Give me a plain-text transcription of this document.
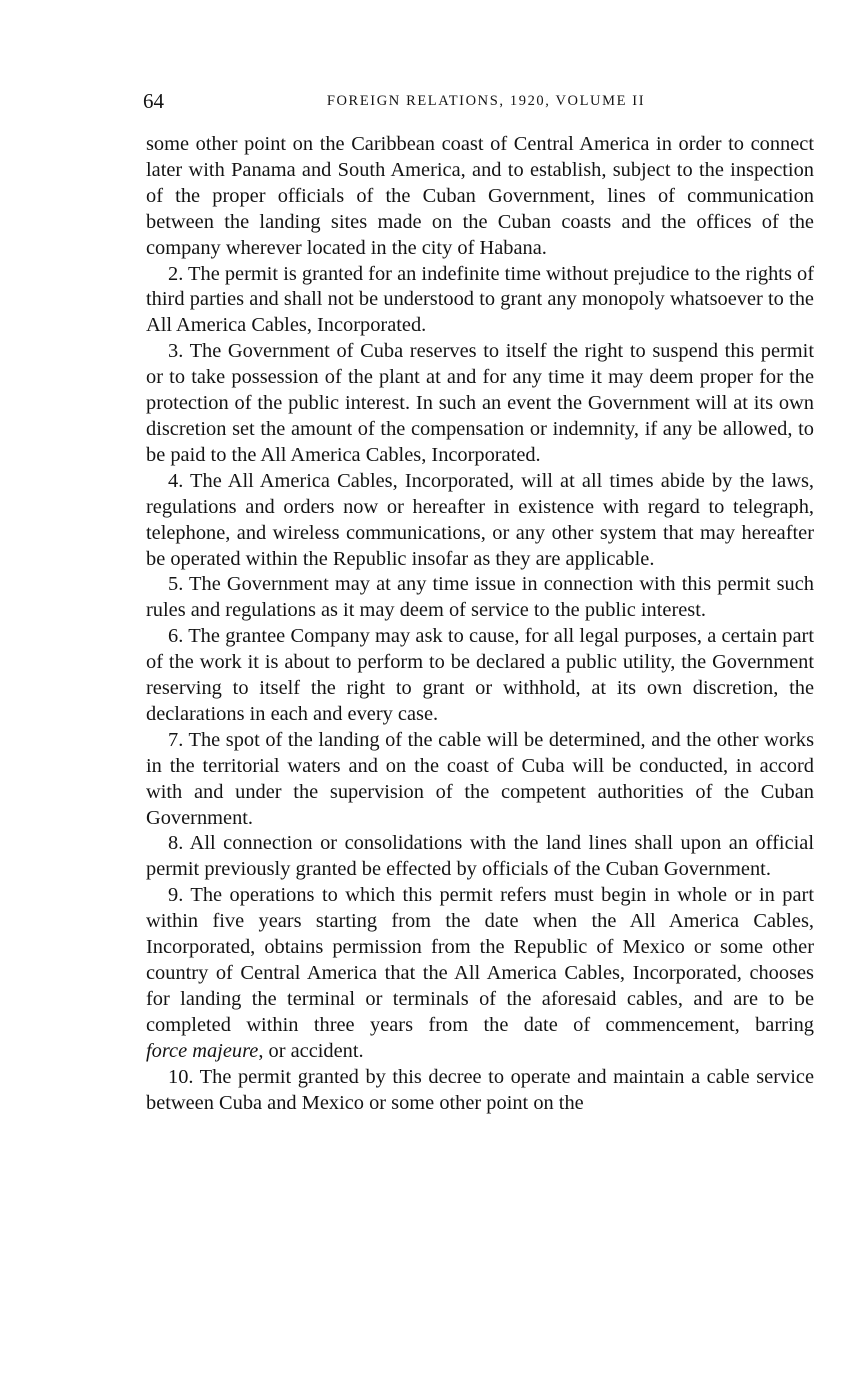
64	FOREIGN RELATIONS, 1920, VOLUME II

some other point on the Caribbean coast of Central America in order to connect later with Panama and South America, and to establish, subject to the inspection of the proper officials of the Cuban Government, lines of communication between the landing sites made on the Cuban coasts and the offices of the company wherever located in the city of Habana.

2. The permit is granted for an indefinite time without prejudice to the rights of third parties and shall not be understood to grant any monopoly whatsoever to the All America Cables, Incorporated.

3. The Government of Cuba reserves to itself the right to suspend this permit or to take possession of the plant at and for any time it may deem proper for the protection of the public interest. In such an event the Government will at its own discretion set the amount of the compensation or indemnity, if any be allowed, to be paid to the All America Cables, Incorporated.

4. The All America Cables, Incorporated, will at all times abide by the laws, regulations and orders now or hereafter in existence with regard to telegraph, telephone, and wireless communications, or any other system that may hereafter be operated within the Republic insofar as they are applicable.

5. The Government may at any time issue in connection with this permit such rules and regulations as it may deem of service to the public interest.

6. The grantee Company may ask to cause, for all legal purposes, a certain part of the work it is about to perform to be declared a public utility, the Government reserving to itself the right to grant or withhold, at its own discretion, the declarations in each and every case.

7. The spot of the landing of the cable will be determined, and the other works in the territorial waters and on the coast of Cuba will be conducted, in accord with and under the supervision of the competent authorities of the Cuban Government.

8. All connection or consolidations with the land lines shall upon an official permit previously granted be effected by officials of the Cuban Government.

9. The operations to which this permit refers must begin in whole or in part within five years starting from the date when the All America Cables, Incorporated, obtains permission from the Republic of Mexico or some other country of Central America that the All America Cables, Incorporated, chooses for landing the terminal or terminals of the aforesaid cables, and are to be completed within three years from the date of commencement, barring force majeure, or accident.

10. The permit granted by this decree to operate and maintain a cable service between Cuba and Mexico or some other point on the
